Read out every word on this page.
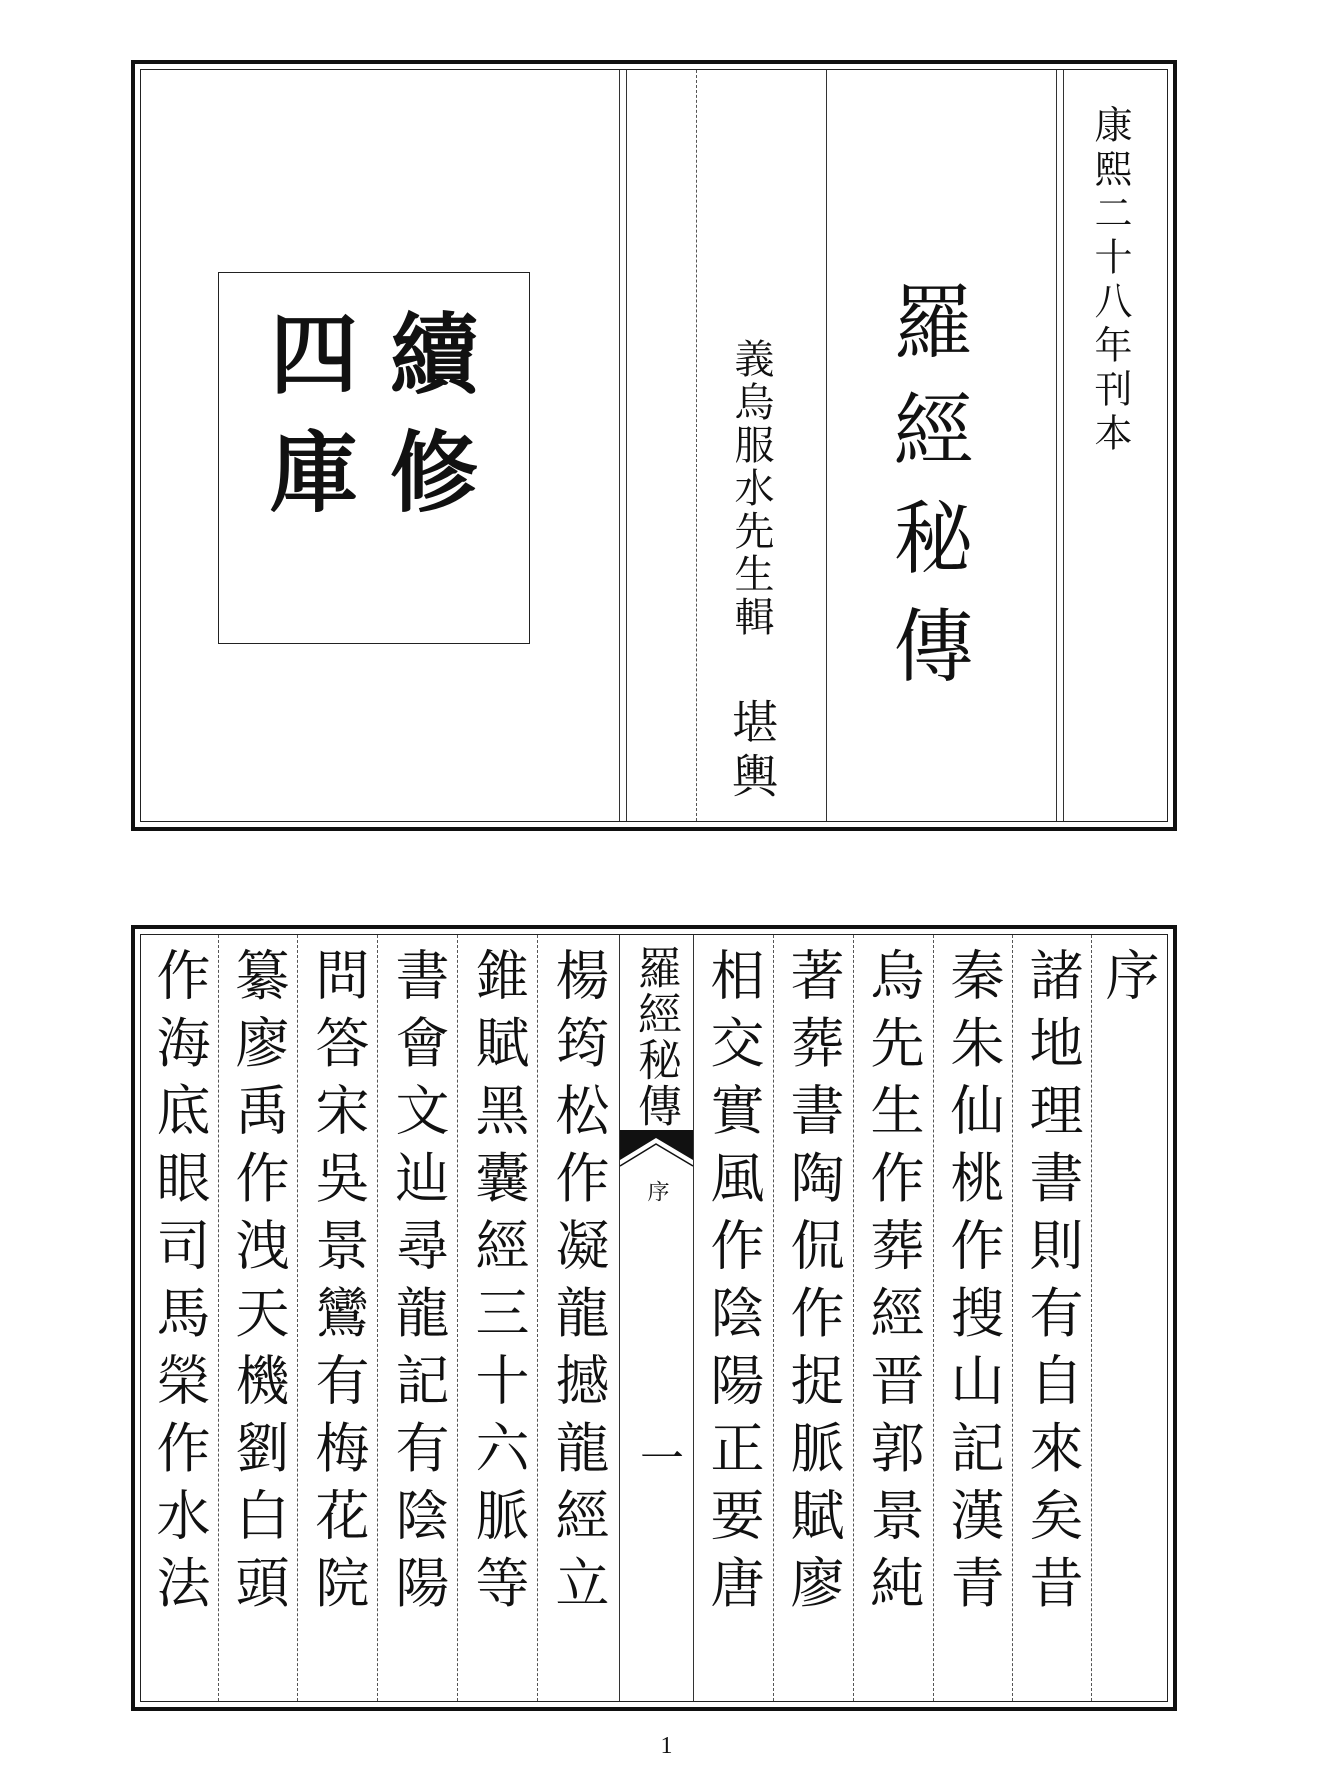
康熙二十八年刊本
羅經秘傳
義烏服水先生輯
堪輿
續修
四庫
序
諸地理書則有自來矣昔
秦朱仙桃作搜山記漢青
烏先生作葬經晋郭景純
著葬書陶侃作捉脈賦廖
相交實風作陰陽正要唐
羅經秘傳
序
一
楊筠松作凝龍撼龍經立
錐賦黑囊經三十六脈等
書會文辿尋龍記有陰陽
問答宋吳景鸞有梅花院
纂廖禹作洩天機劉白頭
作海底眼司馬榮作水法
1
